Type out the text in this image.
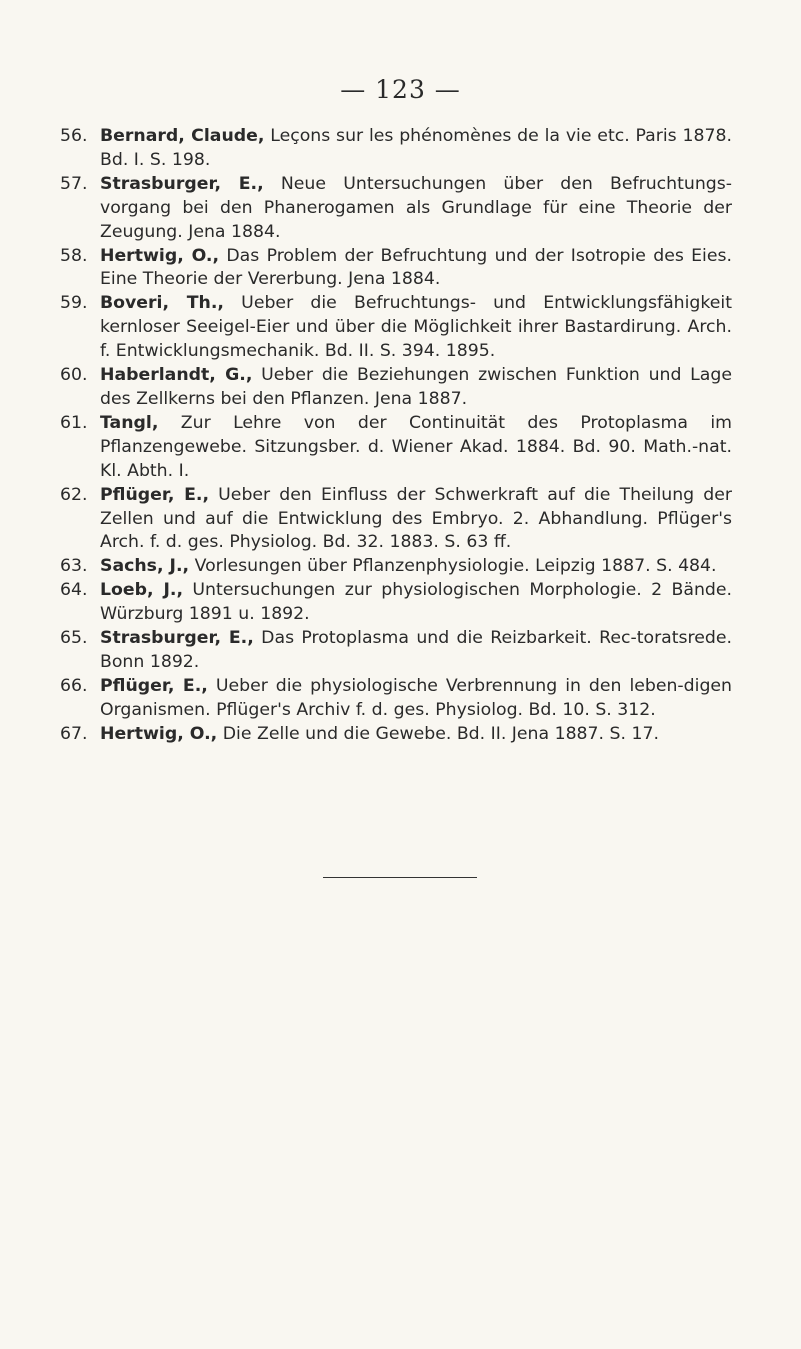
— 123 —
56. Bernard, Claude, Leçons sur les phénomènes de la vie etc. Paris 1878. Bd. I. S. 198.
57. Strasburger, E., Neue Untersuchungen über den Befruchtungs-vorgang bei den Phanerogamen als Grundlage für eine Theorie der Zeugung. Jena 1884.
58. Hertwig, O., Das Problem der Befruchtung und der Isotropie des Eies. Eine Theorie der Vererbung. Jena 1884.
59. Boveri, Th., Ueber die Befruchtungs- und Entwicklungsfähigkeit kernloser Seeigel-Eier und über die Möglichkeit ihrer Bastardirung. Arch. f. Entwicklungsmechanik. Bd. II. S. 394. 1895.
60. Haberlandt, G., Ueber die Beziehungen zwischen Funktion und Lage des Zellkerns bei den Pflanzen. Jena 1887.
61. Tangl, Zur Lehre von der Continuität des Protoplasma im Pflanzengewebe. Sitzungsber. d. Wiener Akad. 1884. Bd. 90. Math.-nat. Kl. Abth. I.
62. Pflüger, E., Ueber den Einfluss der Schwerkraft auf die Theilung der Zellen und auf die Entwicklung des Embryo. 2. Abhandlung. Pflüger's Arch. f. d. ges. Physiolog. Bd. 32. 1883. S. 63 ff.
63. Sachs, J., Vorlesungen über Pflanzenphysiologie. Leipzig 1887. S. 484.
64. Loeb, J., Untersuchungen zur physiologischen Morphologie. 2 Bände. Würzburg 1891 u. 1892.
65. Strasburger, E., Das Protoplasma und die Reizbarkeit. Rec-toratsrede. Bonn 1892.
66. Pflüger, E., Ueber die physiologische Verbrennung in den leben-digen Organismen. Pflüger's Archiv f. d. ges. Physiolog. Bd. 10. S. 312.
67. Hertwig, O., Die Zelle und die Gewebe. Bd. II. Jena 1887. S. 17.
